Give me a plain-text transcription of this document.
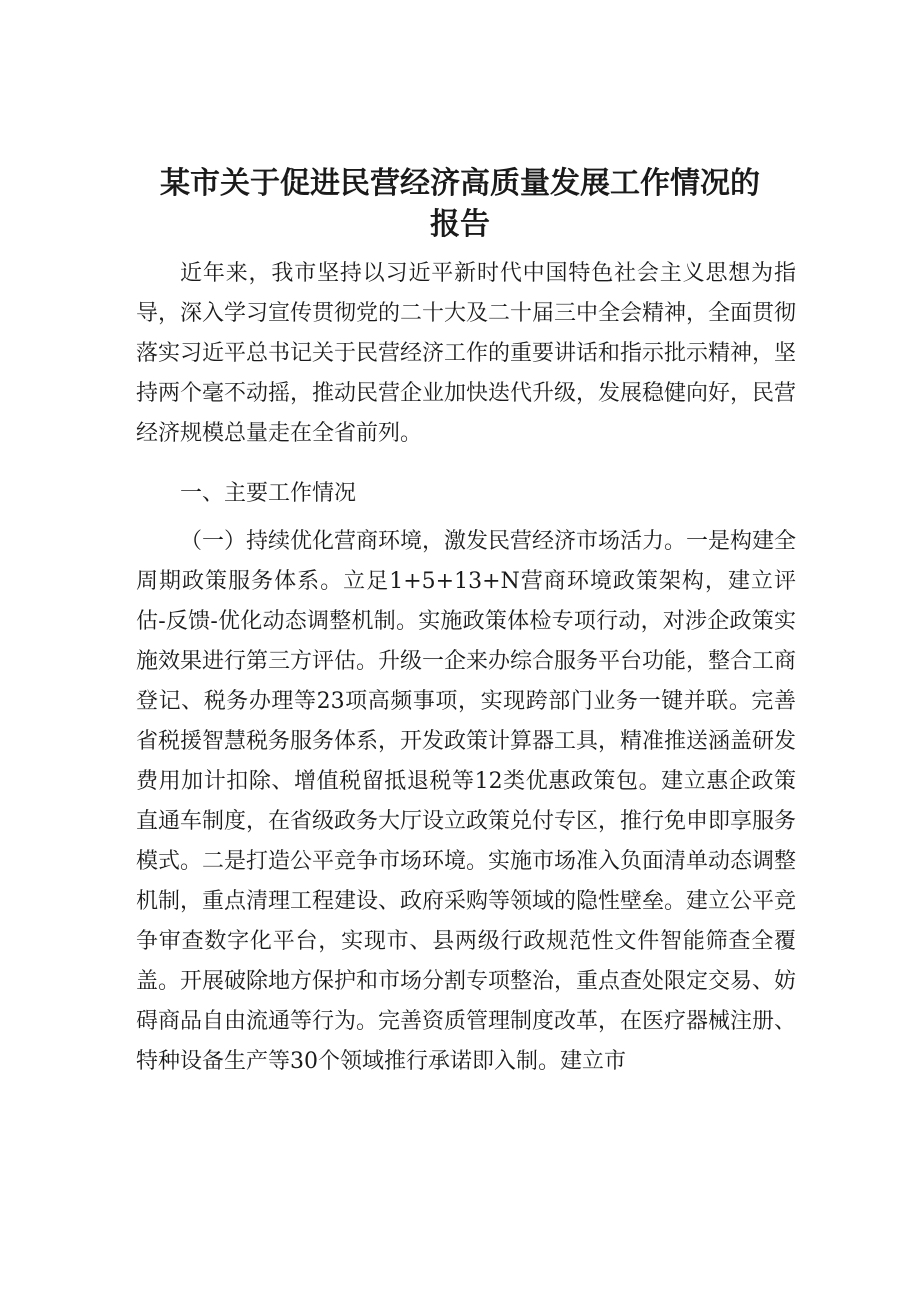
某市关于促进民营经济高质量发展工作情况的
报告

近年来，我市坚持以习近平新时代中国特色社会主义思想为指导，深入学习宣传贯彻党的二十大及二十届三中全会精神，全面贯彻落实习近平总书记关于民营经济工作的重要讲话和指示批示精神，坚持两个毫不动摇，推动民营企业加快迭代升级，发展稳健向好，民营经济规模总量走在全省前列。

一、主要工作情况

（一）持续优化营商环境，激发民营经济市场活力。一是构建全周期政策服务体系。立足1+5+13+N营商环境政策架构，建立评估-反馈-优化动态调整机制。实施政策体检专项行动，对涉企政策实施效果进行第三方评估。升级一企来办综合服务平台功能，整合工商登记、税务办理等23项高频事项，实现跨部门业务一键并联。完善省税援智慧税务服务体系，开发政策计算器工具，精准推送涵盖研发费用加计扣除、增值税留抵退税等12类优惠政策包。建立惠企政策直通车制度，在省级政务大厅设立政策兑付专区，推行免申即享服务模式。二是打造公平竞争市场环境。实施市场准入负面清单动态调整机制，重点清理工程建设、政府采购等领域的隐性壁垒。建立公平竞争审查数字化平台，实现市、县两级行政规范性文件智能筛查全覆盖。开展破除地方保护和市场分割专项整治，重点查处限定交易、妨碍商品自由流通等行为。完善资质管理制度改革，在医疗器械注册、特种设备生产等30个领域推行承诺即入制。建立市
